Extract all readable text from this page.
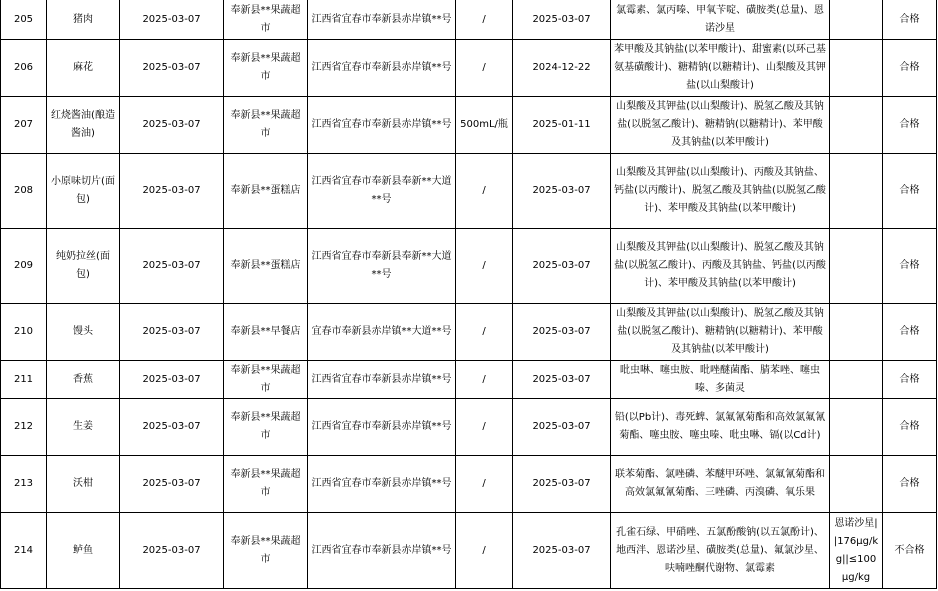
205	猪肉	2025-03-07	奉新县**果蔬超市	江西省宜春市奉新县赤岸镇**号	/	2025-03-07	氯霉素、氯丙嗪、甲氧苄啶、磺胺类(总量)、恩诺沙星		合格
206	麻花	2025-03-07	奉新县**果蔬超市	江西省宜春市奉新县赤岸镇**号	/	2024-12-22	苯甲酸及其钠盐(以苯甲酸计)、甜蜜素(以环己基氨基磺酸计)、糖精钠(以糖精计)、山梨酸及其钾盐(以山梨酸计)		合格
207	红烧酱油(酿造酱油)	2025-03-07	奉新县**果蔬超市	江西省宜春市奉新县赤岸镇**号	500mL/瓶	2025-01-11	山梨酸及其钾盐(以山梨酸计)、脱氢乙酸及其钠盐(以脱氢乙酸计)、糖精钠(以糖精计)、苯甲酸及其钠盐(以苯甲酸计)		合格
208	小原味切片(面包)	2025-03-07	奉新县**蛋糕店	江西省宜春市奉新县奉新**大道**号	/	2025-03-07	山梨酸及其钾盐(以山梨酸计)、丙酸及其钠盐、钙盐(以丙酸计)、脱氢乙酸及其钠盐(以脱氢乙酸计)、苯甲酸及其钠盐(以苯甲酸计)		合格
209	纯奶拉丝(面包)	2025-03-07	奉新县**蛋糕店	江西省宜春市奉新县奉新**大道**号	/	2025-03-07	山梨酸及其钾盐(以山梨酸计)、脱氢乙酸及其钠盐(以脱氢乙酸计)、丙酸及其钠盐、钙盐(以丙酸计)、苯甲酸及其钠盐(以苯甲酸计)		合格
210	馒头	2025-03-07	奉新县**早餐店	宜春市奉新县赤岸镇**大道**号	/	2025-03-07	山梨酸及其钾盐(以山梨酸计)、脱氢乙酸及其钠盐(以脱氢乙酸计)、糖精钠(以糖精计)、苯甲酸及其钠盐(以苯甲酸计)		合格
211	香蕉	2025-03-07	奉新县**果蔬超市	江西省宜春市奉新县赤岸镇**号	/	2025-03-07	吡虫啉、噻虫胺、吡唑醚菌酯、腈苯唑、噻虫嗪、多菌灵		合格
212	生姜	2025-03-07	奉新县**果蔬超市	江西省宜春市奉新县赤岸镇**号	/	2025-03-07	铅(以Pb计)、毒死蜱、氯氟氰菊酯和高效氯氟氰菊酯、噻虫胺、噻虫嗪、吡虫啉、镉(以Cd计)		合格
213	沃柑	2025-03-07	奉新县**果蔬超市	江西省宜春市奉新县赤岸镇**号	/	2025-03-07	联苯菊酯、氯唑磷、苯醚甲环唑、氯氟氰菊酯和高效氯氟氰菊酯、三唑磷、丙溴磷、氧乐果		合格
214	鲈鱼	2025-03-07	奉新县**果蔬超市	江西省宜春市奉新县赤岸镇**号	/	2025-03-07	孔雀石绿、甲硝唑、五氯酚酸钠(以五氯酚计)、地西泮、恩诺沙星、磺胺类(总量)、氟氯沙星、呋喃唑酮代谢物、氯霉素	恩诺沙星||176μg/kg||≤100μg/kg	不合格
